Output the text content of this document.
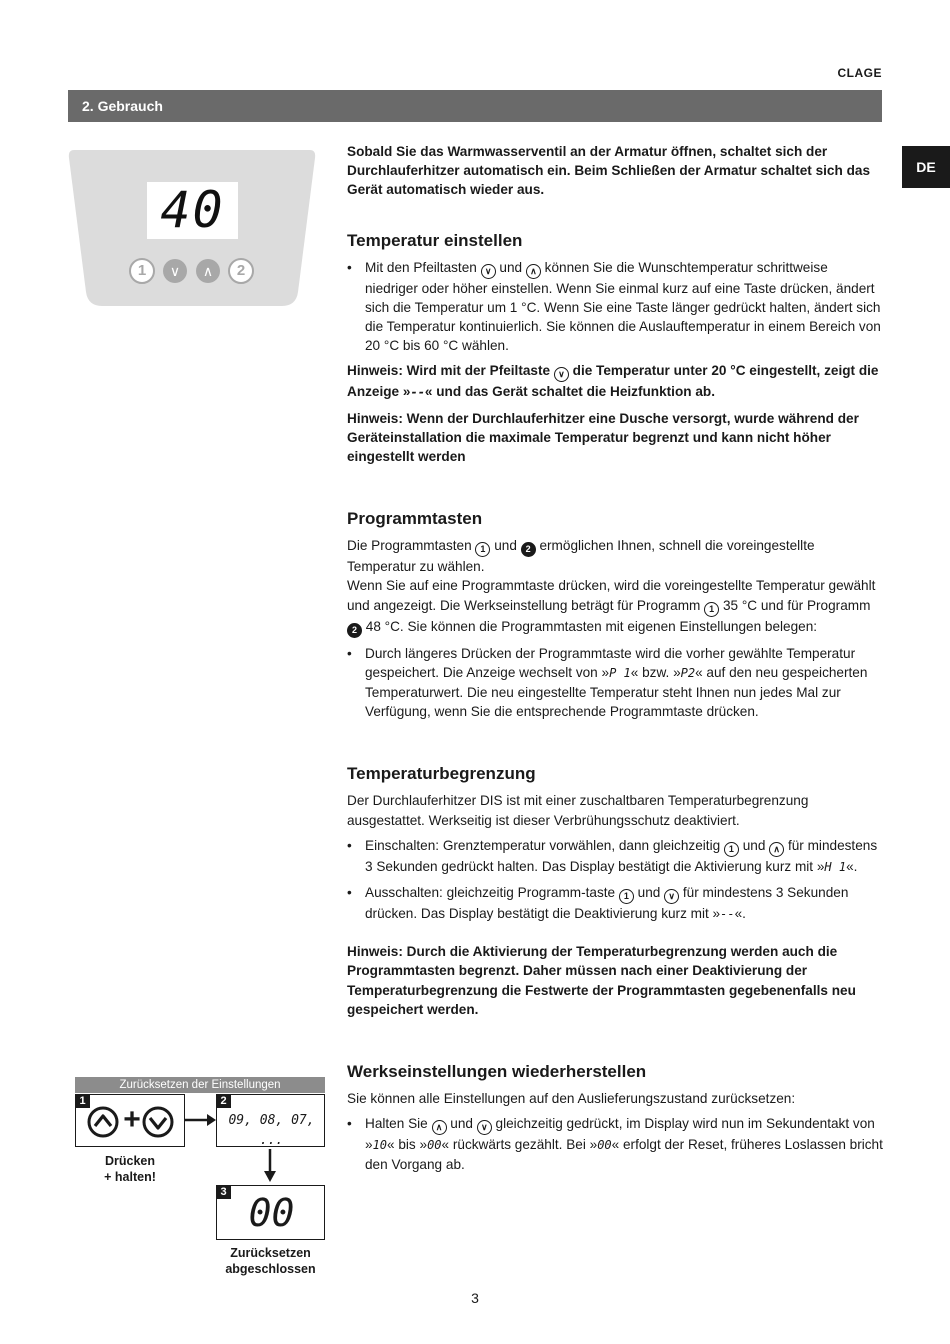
CLAGE
2. Gebrauch
DE
40
1	∨	∧	2

Sobald Sie das Warmwasserventil an der Armatur öffnen, schaltet sich der Durchlauferhitzer automatisch ein. Beim Schließen der Armatur schaltet sich das Gerät automatisch wieder aus.

Temperatur einstellen
• Mit den Pfeiltasten ∨ und ∧ können Sie die Wunschtemperatur schrittweise niedriger oder höher einstellen. Wenn Sie einmal kurz auf eine Taste drücken, ändert sich die Temperatur um 1 °C. Wenn Sie eine Taste länger gedrückt halten, ändert sich die Temperatur kontinuierlich. Sie können die Auslauftemperatur in einem Bereich von 20 °C bis 60 °C wählen.

Hinweis: Wird mit der Pfeiltaste ∨ die Temperatur unter 20 °C eingestellt, zeigt die Anzeige »--« und das Gerät schaltet die Heizfunktion ab.

Hinweis: Wenn der Durchlauferhitzer eine Dusche versorgt, wurde während der Geräteinstallation die maximale Temperatur begrenzt und kann nicht höher eingestellt werden

Programmtasten

Die Programmtasten 1 und 2 ermöglichen Ihnen, schnell die voreingestellte Temperatur zu wählen.

Wenn Sie auf eine Programmtaste drücken, wird die voreingestellte Temperatur gewählt und angezeigt. Die Werkseinstellung beträgt für Programm 1 35 °C und für Programm 2 48 °C. Sie können die Programmtasten mit eigenen Einstellungen belegen:

• Durch längeres Drücken der Programmtaste wird die vorher gewählte Temperatur gespeichert. Die Anzeige wechselt von »P 1« bzw. »P2« auf den neu gespeicherten Temperaturwert. Die neu eingestellte Temperatur steht Ihnen nun jedes Mal zur Verfügung, wenn Sie die entsprechende Programmtaste drücken.
Temperaturbegrenzung

Der Durchlauferhitzer DIS ist mit einer zuschaltbaren Temperaturbegrenzung ausgestattet. Werkseitig ist dieser Verbrühungsschutz deaktiviert.

• Einschalten: Grenztemperatur vorwählen, dann gleichzeitig 1 und ∧ für mindestens 3 Sekunden gedrückt halten. Das Display bestätigt die Aktivierung kurz mit »H 1«.
• Ausschalten: gleichzeitig Programm-taste 1 und ∨ für mindestens 3 Sekunden drücken. Das Display bestätigt die Deaktivierung kurz mit »--«.

Hinweis: Durch die Aktivierung der Temperaturbegrenzung werden auch die Programmtasten begrenzt. Daher müssen nach einer Deaktivierung der Temperaturbegrenzung die Festwerte der Programmtasten gegebenenfalls neu gespeichert werden.

Werkseinstellungen wiederherstellen

Sie können alle Einstellungen auf den Auslieferungszustand zurücksetzen:

• Halten Sie ∧ und ∨ gleichzeitig gedrückt, im Display wird nun im Sekundentakt von »10« bis »00« rückwärts gezählt. Bei »00« erfolgt der Reset, früheres Loslassen bricht den Vorgang ab.
Zurücksetzen der Einstellungen
1
+
2
09, 08, 07, ...
3 00
Drücken
+ halten!
Zurücksetzen
abgeschlossen
3
